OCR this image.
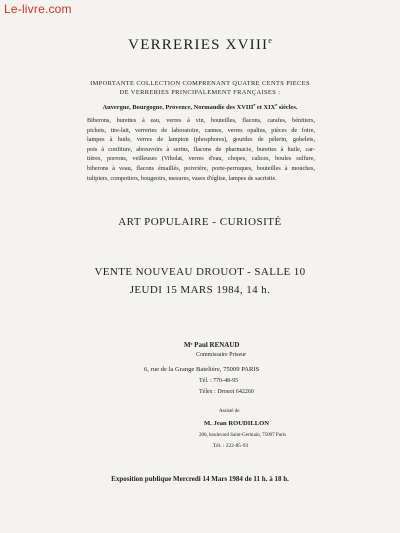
Le-livre.com
VERRERIES XVIIIe
IMPORTANTE COLLECTION COMPRENANT QUATRE CENTS PIECES
DE VERRERIES PRINCIPALEMENT FRANÇAISES :
Auvergne, Bourgogne, Provence, Normandie des XVIIIe et XIXe siècles.
Biberons, burettes à eau, verres à vin, bouteilles, flacons, carafes, bénitiers,
pichets, tire-lait, verreries de laboratoire, cannes, verres opalins, pièces de foire,
lampes à huile, verres de lampion (phosphores), gourdes de pélerin, gobelets,
pots à confiture, abreuvoirs à serins, flacons de pharmacie, burettes à huile, car-
tières, porrons, veilleuses (Viholat, verres d'eau, chopes, calices, boules sulfure,
biberons à veau, flacons émaillés, poivrière, porte-perruques, bouteilles à mouches,
tulipiers, compotiers, bougeoirs, mesures, vases d'église, lampes de sacristie.
ART POPULAIRE - CURIOSITÉ
VENTE NOUVEAU DROUOT - SALLE 10
JEUDI 15 MARS 1984, 14 h.
Mᵉ Paul RENAUD
Commissaire Priseur
6, rue de la Grange Batelière, 75009 PARIS
Tél. : 770-48-95
Télex : Drouot 642260
Assisté de
M. Jean ROUDILLON
206, boulevard Saint-Germain, 75007 Paris
Tél. : 222-85-93
Exposition publique Mercredi 14 Mars 1984 de 11 h. à 18 h.
